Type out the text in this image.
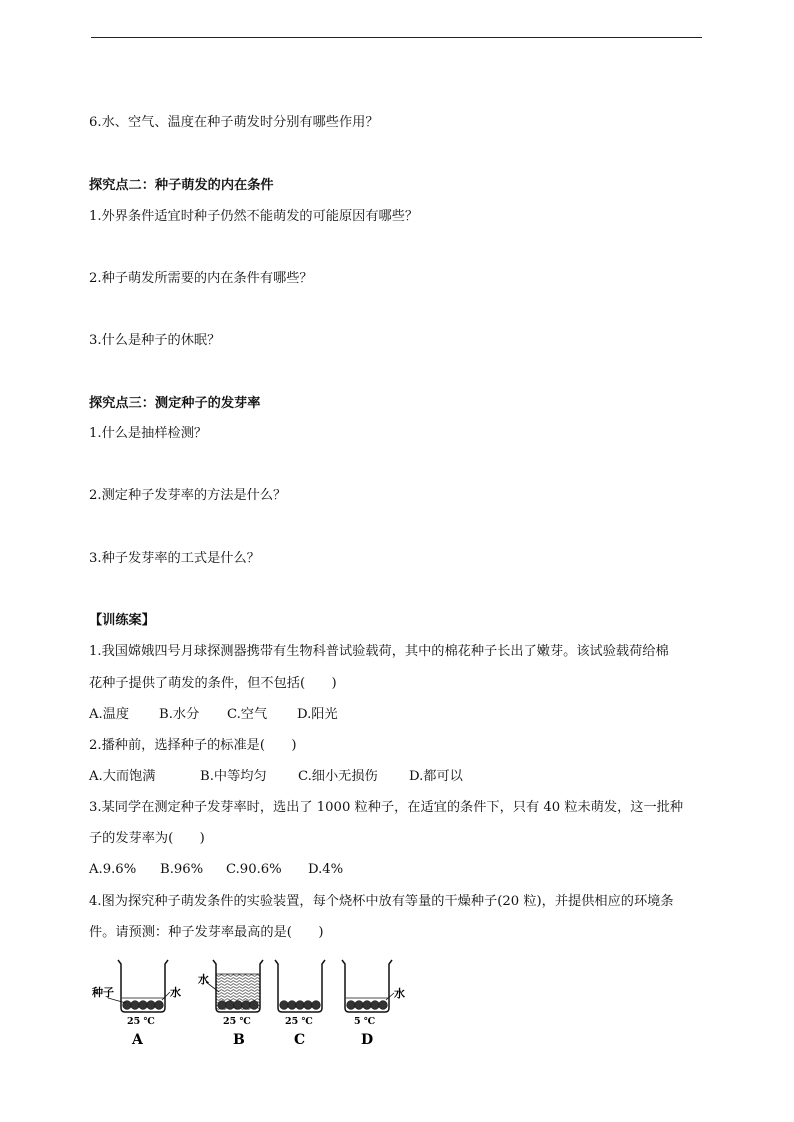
6.水、空气、温度在种子萌发时分别有哪些作用？
探究点二：种子萌发的内在条件
1.外界条件适宜时种子仍然不能萌发的可能原因有哪些？
2.种子萌发所需要的内在条件有哪些？
3.什么是种子的休眠？
探究点三：测定种子的发芽率
1.什么是抽样检测？
2.测定种子发芽率的方法是什么？
3.种子发芽率的工式是什么？
【训练案】
1.我国嫦娥四号月球探测器携带有生物科普试验载荷，其中的棉花种子长出了嫩芽。该试验载荷给棉
花种子提供了萌发的条件，但不包括(　　)
A.温度 B.水分 C.空气 D.阳光
2.播种前，选择种子的标准是(　　)
A.大而饱满	B.中等均匀 C.细小无损伤 D.都可以
3.某同学在测定种子发芽率时，选出了 1000 粒种子，在适宜的条件下，只有 40 粒未萌发，这一批种
子的发芽率为(　　)
A.9.6% B.96% C.90.6% D.4%
4.图为探究种子萌发条件的实验装置，每个烧杯中放有等量的干燥种子(20 粒)，并提供相应的环境条
件。请预测：种子发芽率最高的是(　　)
种子	水
25 ℃
A
水
25 ℃
B
25 ℃
C
水
5 ℃
D
